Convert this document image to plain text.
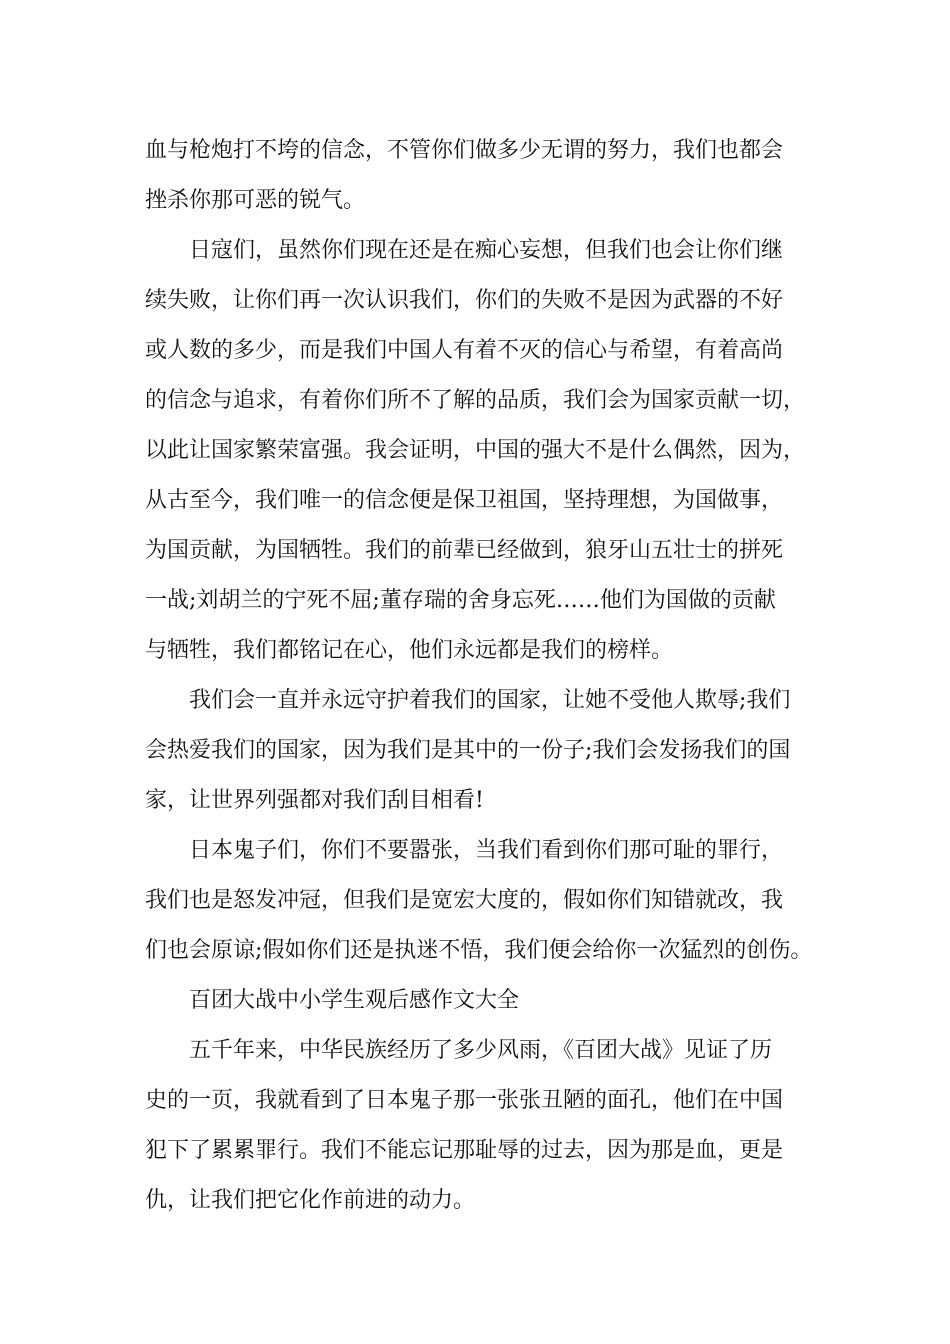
血与枪炮打不垮的信念，不管你们做多少无谓的努力，我们也都会
挫杀你那可恶的锐气。

日寇们，虽然你们现在还是在痴心妄想，但我们也会让你们继
续失败，让你们再一次认识我们，你们的失败不是因为武器的不好
或人数的多少，而是我们中国人有着不灭的信心与希望，有着高尚
的信念与追求，有着你们所不了解的品质，我们会为国家贡献一切，
以此让国家繁荣富强。我会证明，中国的强大不是什么偶然，因为，
从古至今，我们唯一的信念便是保卫祖国，坚持理想，为国做事，
为国贡献，为国牺牲。我们的前辈已经做到，狼牙山五壮士的拼死
一战;刘胡兰的宁死不屈;董存瑞的舍身忘死……他们为国做的贡献
与牺牲，我们都铭记在心，他们永远都是我们的榜样。

我们会一直并永远守护着我们的国家，让她不受他人欺辱;我们
会热爱我们的国家，因为我们是其中的一份子;我们会发扬我们的国
家，让世界列强都对我们刮目相看!

日本鬼子们，你们不要嚣张，当我们看到你们那可耻的罪行，
我们也是怒发冲冠，但我们是宽宏大度的，假如你们知错就改，我
们也会原谅;假如你们还是执迷不悟，我们便会给你一次猛烈的创伤。

百团大战中小学生观后感作文大全

五千年来，中华民族经历了多少风雨，《百团大战》见证了历
史的一页，我就看到了日本鬼子那一张张丑陋的面孔，他们在中国
犯下了累累罪行。我们不能忘记那耻辱的过去，因为那是血，更是
仇，让我们把它化作前进的动力。
